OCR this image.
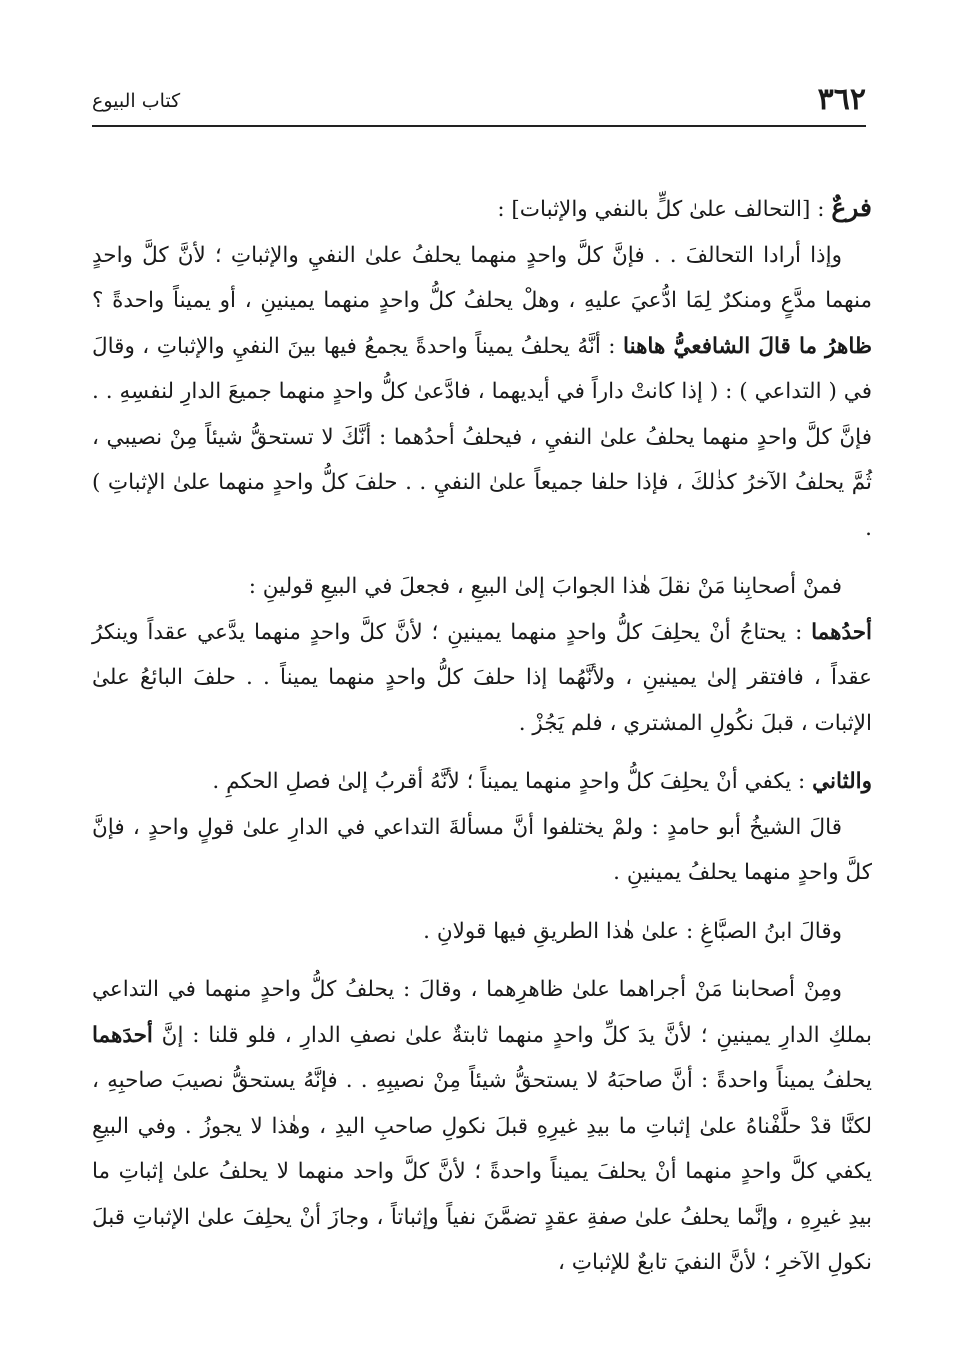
٣٦٢
كتاب البيوع

فرعٌ : [التحالف علىٰ كلٍّ بالنفي والإثبات] :

وإذا أرادا التحالفَ . . فإنَّ كلَّ واحدٍ منهما يحلفُ علىٰ النفيِ والإثباتِ ؛ لأنَّ كلَّ واحدٍ منهما مدَّعٍ ومنكرٌ لِمَا ادُّعيَ عليهِ ، وهلْ يحلفُ كلُّ واحدٍ منهما يمينينِ ، أو يميناً واحدةً ؟ ظاهرُ ما قالَ الشافعيُّ هاهنا : أنَّهُ يحلفُ يميناً واحدةً يجمعُ فيها بينَ النفيِ والإثباتِ ، وقالَ في ( التداعي ) : ( إذا كانتْ داراً في أيديهما ، فادَّعىٰ كلُّ واحدٍ منهما جميعَ الدارِ لنفسِهِ . . فإنَّ كلَّ واحدٍ منهما يحلفُ علىٰ النفيِ ، فيحلفُ أحدُهما : أنَّكَ لا تستحقُّ شيئاً مِنْ نصيبي ، ثُمَّ يحلفُ الآخرُ كذٰلكَ ، فإذا حلفا جميعاً علىٰ النفيِ . . حلفَ كلُّ واحدٍ منهما علىٰ الإثباتِ ) .

فمنْ أصحابِنا مَنْ نقلَ هٰذا الجوابَ إلىٰ البيعِ ، فجعلَ في البيعِ قولينِ :

أحدُهما : يحتاجُ أنْ يحلِفَ كلُّ واحدٍ منهما يمينينِ ؛ لأنَّ كلَّ واحدٍ منهما يدَّعي عقداً وينكرُ عقداً ، فافتقر إلىٰ يمينينِ ، ولأنَّهُما إذا حلفَ كلُّ واحدٍ منهما يميناً . . حلفَ البائعُ علىٰ الإثبات ، قبلَ نكُولِ المشتري ، فلم يَجُزْ .

والثاني : يكفي أنْ يحلِفَ كلُّ واحدٍ منهما يميناً ؛ لأنَّهُ أقربُ إلىٰ فصلِ الحكمِ .

قالَ الشيخُ أبو حامدٍ : ولمْ يختلفوا أنَّ مسألةَ التداعي في الدارِ علىٰ قولٍ واحدٍ ، فإنَّ كلَّ واحدٍ منهما يحلفُ يمينينِ .

وقالَ ابنُ الصبَّاغِ : علىٰ هٰذا الطريقِ فيها قولانِ .

ومِنْ أصحابنا مَنْ أجراهما علىٰ ظاهرِهما ، وقالَ : يحلفُ كلُّ واحدٍ منهما في التداعي بملكِ الدارِ يمينينِ ؛ لأنَّ يدَ كلِّ واحدٍ منهما ثابتةٌ علىٰ نصفِ الدارِ ، فلو قلنا : إنَّ أحدَهما يحلفُ يميناً واحدةً : أنَّ صاحبَهُ لا يستحقُّ شيئاً مِنْ نصيبِهِ . . فإنَّهُ يستحقُّ نصيبَ صاحبِهِ ، لكنَّا قدْ حلَّفْناهُ علىٰ إثباتِ ما بيدِ غيرِهِ قبلَ نكولِ صاحبِ اليدِ ، وهٰذا لا يجوزُ . وفي البيعِ يكفي كلَّ واحدٍ منهما أنْ يحلفَ يميناً واحدةً ؛ لأنَّ كلَّ واحد منهما لا يحلفُ علىٰ إثباتِ ما بيدِ غيرِهِ ، وإنَّما يحلفُ علىٰ صفةِ عقدٍ تضمَّنَ نفياً وإثباتاً ، وجازَ أنْ يحلِفَ علىٰ الإثباتِ قبلَ نكولِ الآخرِ ؛ لأنَّ النفيَ تابعٌ للإثباتِ ،
